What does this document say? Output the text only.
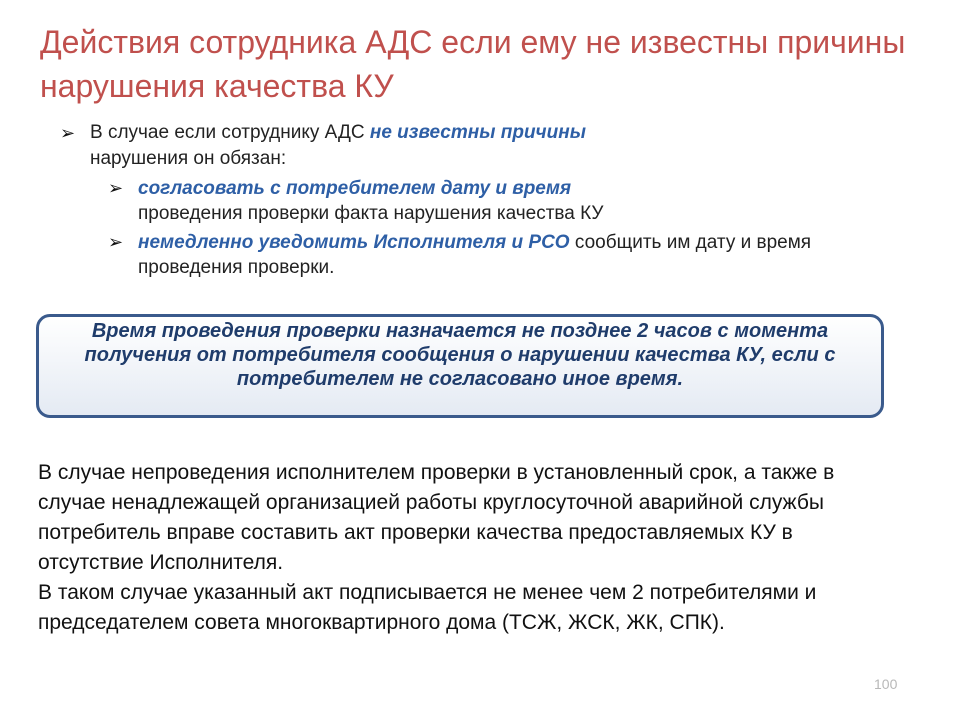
Действия сотрудника АДС если ему не известны причины нарушения качества КУ
➢ В случае если сотруднику АДС не известны причины
нарушения он обязан:
➢ согласовать с потребителем дату и время
проведения проверки факта нарушения качества КУ
➢ немедленно уведомить Исполнителя и РСО сообщить им дату и время проведения проверки.
Время проведения проверки назначается не позднее 2 часов с момента получения от потребителя сообщения о нарушении качества КУ, если с потребителем не согласовано иное время.

В случае непроведения исполнителем проверки в установленный срок, а также в случае ненадлежащей организацией работы круглосуточной аварийной службы потребитель вправе составить акт проверки качества предоставляемых КУ в отсутствие Исполнителя.

В таком случае указанный акт подписывается не менее чем 2 потребителями и председателем совета многоквартирного дома (ТСЖ, ЖСК, ЖК, СПК).

100
